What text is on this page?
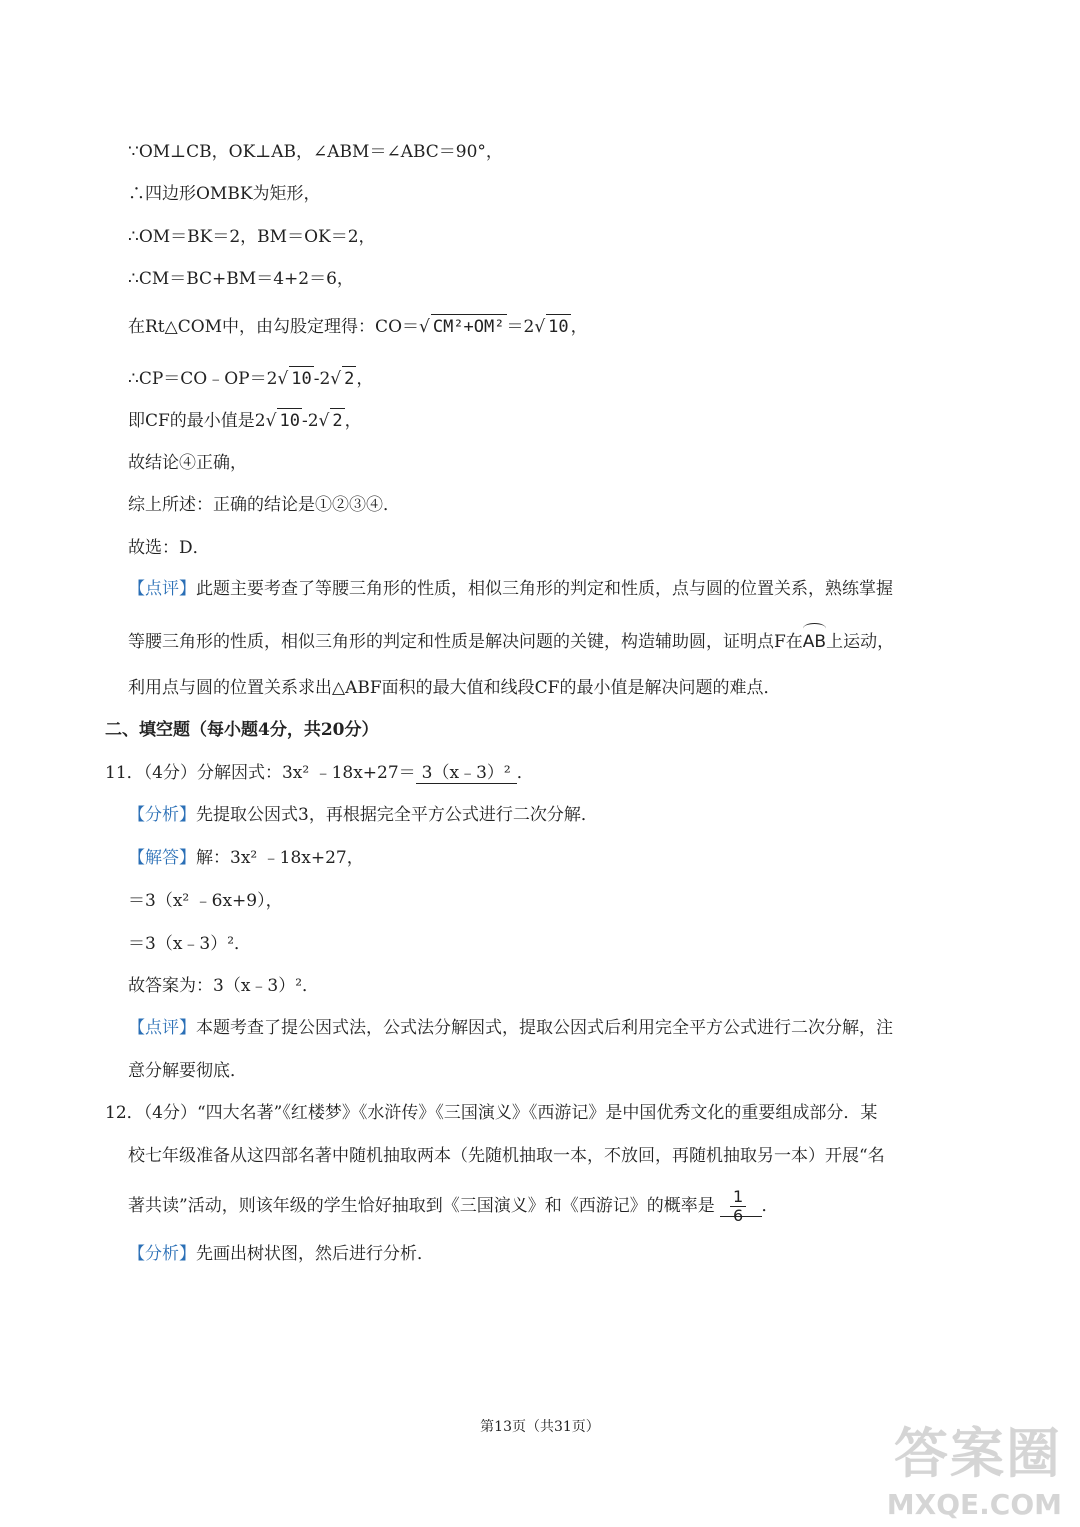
∵OM⊥CB，OK⊥AB，∠ABM＝∠ABC＝90°，
∴四边形OMBK为矩形，
∴OM＝BK＝2，BM＝OK＝2，
∴CM＝BC+BM＝4+2＝6，
在Rt△COM中，由勾股定理得：CO＝√ CM²+OM² ＝2√ 10 ，
∴CP＝CO﹣OP＝2√ 10 -2√ 2 ，
即CF的最小值是2√ 10 -2√ 2 ，
故结论④正确，
综上所述：正确的结论是①②③④．
故选：D．
【点评】此题主要考查了等腰三角形的性质，相似三角形的判定和性质，点与圆的位置关系，熟练掌握
等腰三角形的性质，相似三角形的判定和性质是解决问题的关键，构造辅助圆，证明点F在AB上运动，
利用点与圆的位置关系求出△ABF面积的最大值和线段CF的最小值是解决问题的难点．
二、填空题（每小题4分，共20分）
11．（4分）分解因式：3x² ﹣18x+27＝ 3（x﹣3）² ．
【分析】先提取公因式3，再根据完全平方公式进行二次分解．
【解答】解：3x² ﹣18x+27，
＝3（x² ﹣6x+9），
＝3（x﹣3）²．
故答案为：3（x﹣3）²．
【点评】本题考查了提公因式法，公式法分解因式，提取公因式后利用完全平方公式进行二次分解，注
意分解要彻底．
12．（4分）“四大名著”《红楼梦》《水浒传》《三国演义》《西游记》是中国优秀文化的重要组成部分．某
校七年级准备从这四部名著中随机抽取两本（先随机抽取一本，不放回，再随机抽取另一本）开展“名
著共读”活动，则该年级的学生恰好抽取到《三国演义》和《西游记》的概率是 $\frac{1}{6}$ ．
【分析】先画出树状图，然后进行分析．
第13页（共31页）	答案圈
MXQE.COM
